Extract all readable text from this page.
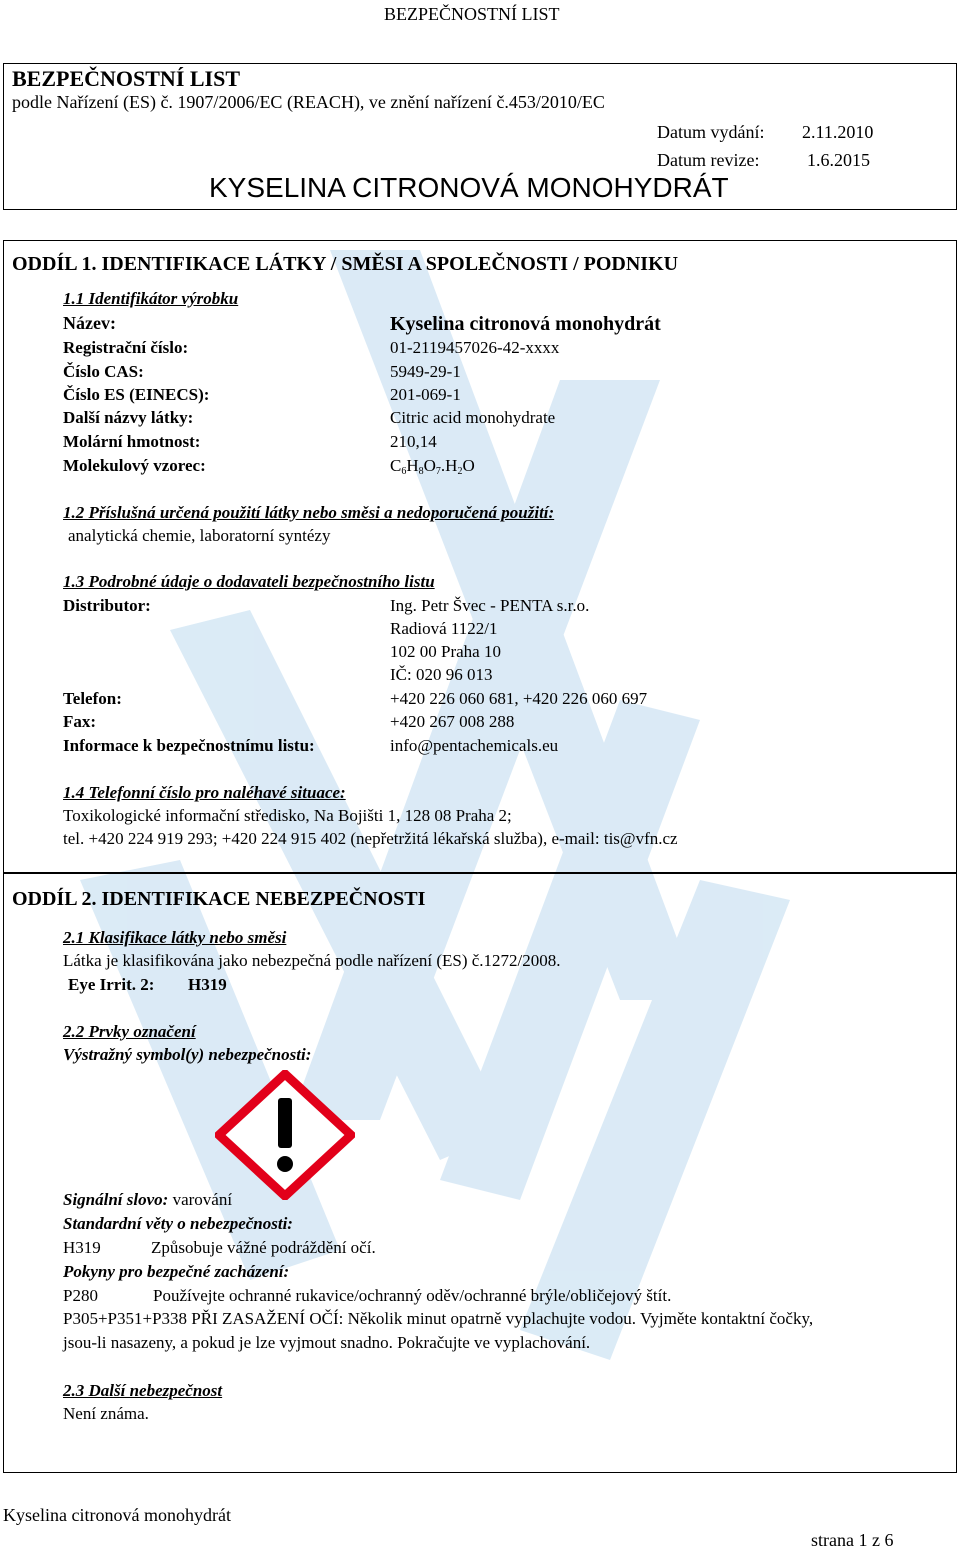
BEZPEČNOSTNÍ LIST
BEZPEČNOSTNÍ LIST
podle Nařízení (ES) č. 1907/2006/EC (REACH), ve znění nařízení č.453/2010/EC
Datum vydání: 2.11.2010
Datum revize:	1.6.2015
KYSELINA CITRONOVÁ MONOHYDRÁT
ODDÍL 1. IDENTIFIKACE LÁTKY / SMĚSI A SPOLEČNOSTI / PODNIKU
1.1 Identifikátor výrobku
Název:	Kyselina citronová monohydrát
Registrační číslo:	01-2119457026-42-xxxx
Číslo CAS:	5949-29-1
Číslo ES (EINECS):	201-069-1
Další názvy látky:	Citric acid monohydrate
Molární hmotnost:	210,14
Molekulový vzorec:	$C_6H_8O_7.H_2O$
1.2 Příslušná určená použití látky nebo směsi a nedoporučená použití:
analytická chemie, laboratorní syntézy
1.3 Podrobné údaje o dodavateli bezpečnostního listu
Distributor:	Ing. Petr Švec - PENTA s.r.o.
Radiová 1122/1
102 00 Praha 10
IČ: 020 96 013
Telefon:	+420 226 060 681, +420 226 060 697
Fax:	+420 267 008 288
Informace k bezpečnostnímu listu:	info@pentachemicals.eu
1.4 Telefonní číslo pro naléhavé situace:
Toxikologické informační středisko, Na Bojišti 1, 128 08 Praha 2;
tel. +420 224 919 293; +420 224 915 402 (nepřetržitá lékařská služba), e-mail: tis@vfn.cz
ODDÍL 2. IDENTIFIKACE NEBEZPEČNOSTI
2.1 Klasifikace látky nebo směsi
Látka je klasifikována jako nebezpečná podle nařízení (ES) č.1272/2008.
Eye Irrit. 2: H319
2.2 Prvky označení
Výstražný symbol(y) nebezpečnosti:
Signální slovo: varování
Standardní věty o nebezpečnosti:
H319	Způsobuje vážné podráždění očí.
Pokyny pro bezpečné zacházení:
P280	Používejte ochranné rukavice/ochranný oděv/ochranné brýle/obličejový štít.
P305+P351+P338 PŘI ZASAŽENÍ OČÍ: Několik minut opatrně vyplachujte vodou. Vyjměte kontaktní čočky,
jsou-li nasazeny, a pokud je lze vyjmout snadno. Pokračujte ve vyplachování.
2.3 Další nebezpečnost
Není známa.
Kyselina citronová monohydrát
strana 1 z 6
